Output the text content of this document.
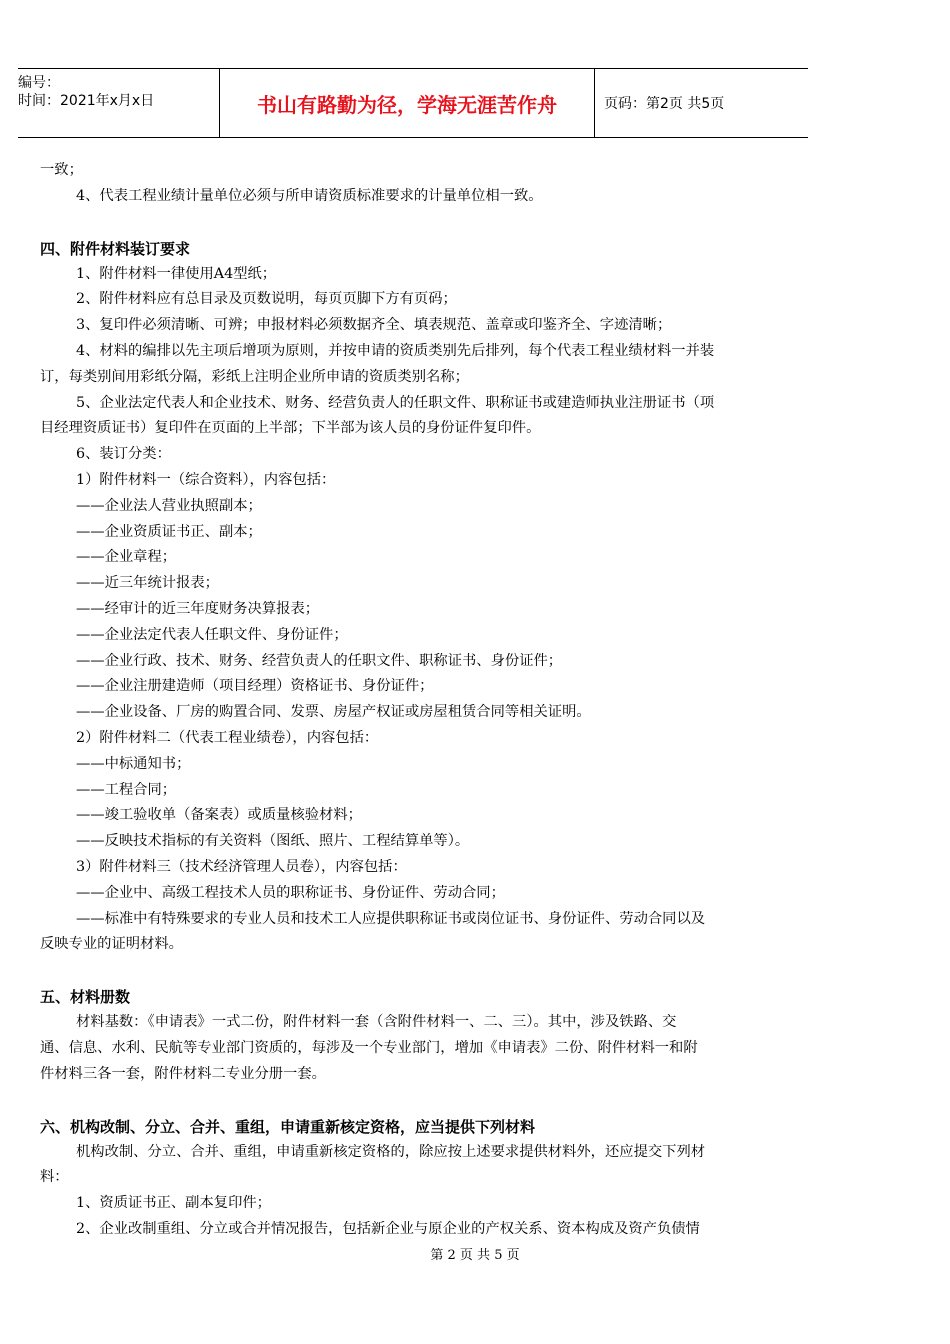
编号：
时间：2021年x月x日	书山有路勤为径，学海无涯苦作舟	页码：第2页 共5页

一致；

4、代表工程业绩计量单位必须与所申请资质标准要求的计量单位相一致。

四、附件材料装订要求

1、附件材料一律使用A4型纸；

2、附件材料应有总目录及页数说明，每页页脚下方有页码；

3、复印件必须清晰、可辨；申报材料必须数据齐全、填表规范、盖章或印鉴齐全、字迹清晰；

4、材料的编排以先主项后增项为原则，并按申请的资质类别先后排列，每个代表工程业绩材料一并装

订，每类别间用彩纸分隔，彩纸上注明企业所申请的资质类别名称；

5、企业法定代表人和企业技术、财务、经营负责人的任职文件、职称证书或建造师执业注册证书（项

目经理资质证书）复印件在页面的上半部；下半部为该人员的身份证件复印件。

6、装订分类：

1）附件材料一（综合资料），内容包括：

——企业法人营业执照副本；

——企业资质证书正、副本；

——企业章程；

——近三年统计报表；

——经审计的近三年度财务决算报表；

——企业法定代表人任职文件、身份证件；

——企业行政、技术、财务、经营负责人的任职文件、职称证书、身份证件；

——企业注册建造师（项目经理）资格证书、身份证件；

——企业设备、厂房的购置合同、发票、房屋产权证或房屋租赁合同等相关证明。

2）附件材料二（代表工程业绩卷），内容包括：

——中标通知书；

——工程合同；

——竣工验收单（备案表）或质量核验材料；

——反映技术指标的有关资料（图纸、照片、工程结算单等）。

3）附件材料三（技术经济管理人员卷），内容包括：

——企业中、高级工程技术人员的职称证书、身份证件、劳动合同；

——标准中有特殊要求的专业人员和技术工人应提供职称证书或岗位证书、身份证件、劳动合同以及

反映专业的证明材料。

五、材料册数

材料基数：《申请表》一式二份，附件材料一套（含附件材料一、二、三）。其中，涉及铁路、交

通、信息、水利、民航等专业部门资质的，每涉及一个专业部门，增加《申请表》二份、附件材料一和附

件材料三各一套，附件材料二专业分册一套。

六、机构改制、分立、合并、重组，申请重新核定资格，应当提供下列材料

机构改制、分立、合并、重组，申请重新核定资格的，除应按上述要求提供材料外，还应提交下列材

料：

1、资质证书正、副本复印件；

2、企业改制重组、分立或合并情况报告，包括新企业与原企业的产权关系、资本构成及资产负债情

第 2 页 共 5 页
